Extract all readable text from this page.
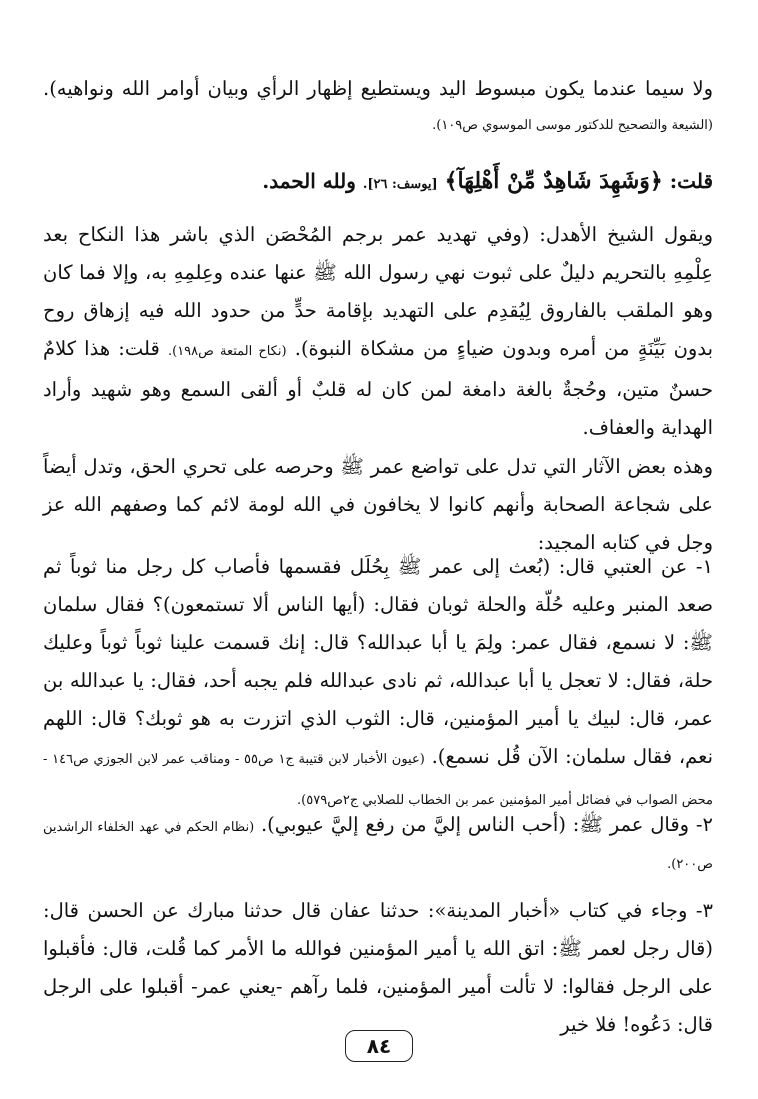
ولا سيما عندما يكون مبسوط اليد ويستطيع إظهار الرأي وبيان أوامر الله ونواهيه). (الشيعة والتصحيح للدكتور موسى الموسوي ص١٠٩).

قلت: ﴿وَشَهِدَ شَاهِدٌ مِّنْ أَهْلِهَآ﴾ [يوسف: ٢٦]. ولله الحمد.

ويقول الشيخ الأهدل: (وفي تهديد عمر برجم المُحْصَن الذي باشر هذا النكاح بعد عِلْمِهِ بالتحريم دليلٌ على ثبوت نهي رسول الله ﷺ عنها عنده وعِلمِهِ به، وإلا فما كان وهو الملقب بالفاروق لِيُقدِم على التهديد بإقامة حدٍّ من حدود الله فيه إزهاق روح بدون بَيِّنَةٍ من أمره وبدون ضياءٍ من مشكاة النبوة). (نكاح المتعة ص١٩٨). قلت: هذا كلامٌ حسنٌ متين، وحُجةٌ بالغة دامغة لمن كان له قلبٌ أو ألقى السمع وهو شهيد وأراد الهداية والعفاف.

وهذه بعض الآثار التي تدل على تواضع عمر ﷺ وحرصه على تحري الحق، وتدل أيضاً على شجاعة الصحابة وأنهم كانوا لا يخافون في الله لومة لائم كما وصفهم الله عز وجل في كتابه المجيد:

١- عن العتبي قال: (بُعث إلى عمر ﷺ بِحُلَل فقسمها فأصاب كل رجل منا ثوباً ثم صعد المنبر وعليه حُلّة والحلة ثوبان فقال: (أيها الناس ألا تستمعون)؟ فقال سلمان ﷺ: لا نسمع، فقال عمر: ولِمَ يا أبا عبدالله؟ قال: إنك قسمت علينا ثوباً ثوباً وعليك حلة، فقال: لا تعجل يا أبا عبدالله، ثم نادى عبدالله فلم يجبه أحد، فقال: يا عبدالله بن عمر، قال: لبيك يا أمير المؤمنين، قال: الثوب الذي اتزرت به هو ثوبك؟ قال: اللهم نعم، فقال سلمان: الآن قُل نسمع). (عيون الأخبار لابن قتيبة ج١ ص٥٥ - ومناقب عمر لابن الجوزي ص١٤٦ - محض الصواب في فضائل أمير المؤمنين عمر بن الخطاب للصلابي ج٢ص٥٧٩).

٢- وقال عمر ﷺ: (أحب الناس إليَّ من رفع إليَّ عيوبي). (نظام الحكم في عهد الخلفاء الراشدين ص٢٠٠).

٣- وجاء في كتاب «أخبار المدينة»: حدثنا عفان قال حدثنا مبارك عن الحسن قال: (قال رجل لعمر ﷺ: اتق الله يا أمير المؤمنين فوالله ما الأمر كما قُلت، قال: فأقبلوا على الرجل فقالوا: لا تألت أمير المؤمنين، فلما رآهم -يعني عمر- أقبلوا على الرجل قال: دَعُوه! فلا خير

٨٤
